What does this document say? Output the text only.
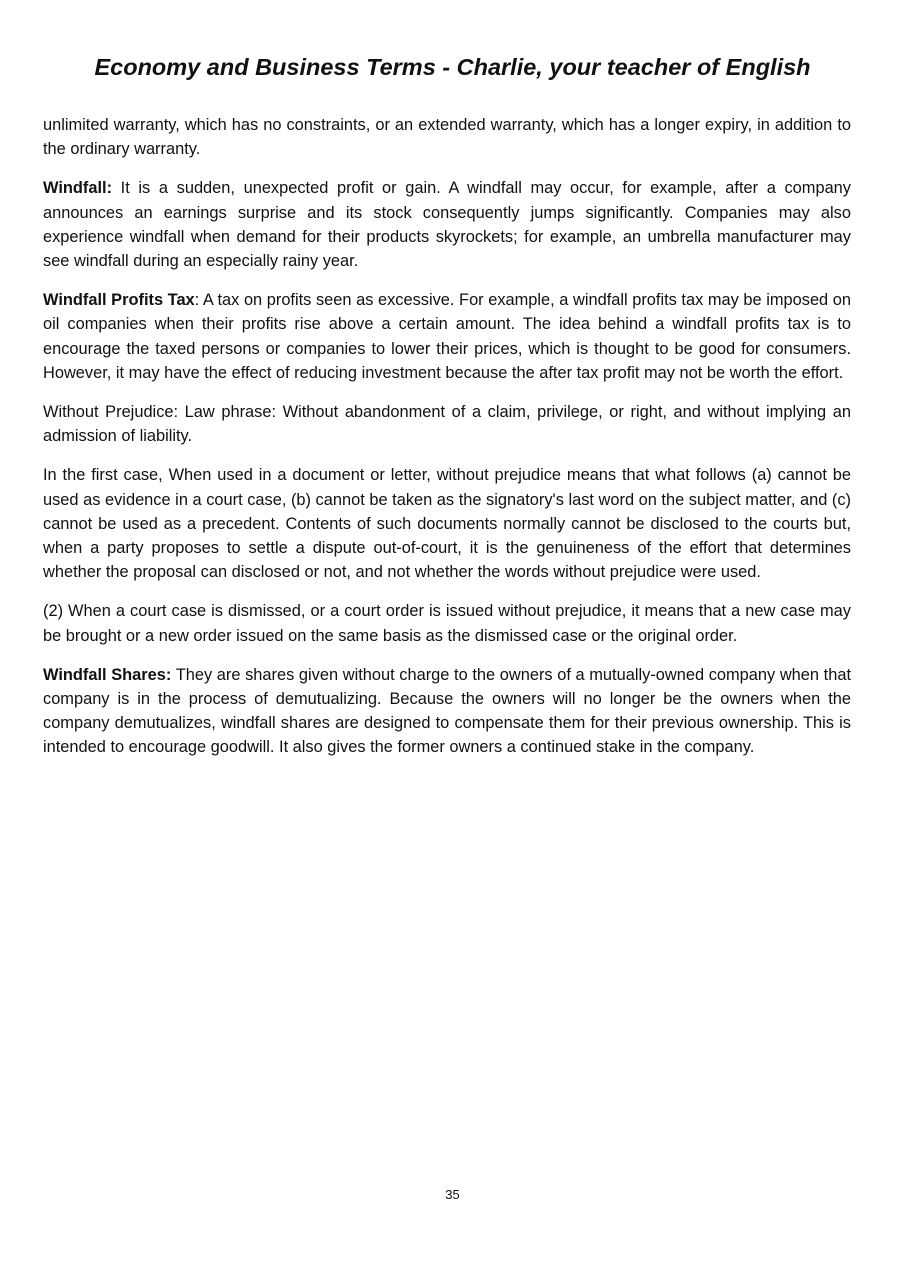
Economy and Business Terms - Charlie, your teacher of English

unlimited warranty, which has no constraints, or an extended warranty, which has a longer expiry, in addition to the ordinary warranty.

Windfall: It is a sudden, unexpected profit or gain. A windfall may occur, for example, after a company announces an earnings surprise and its stock consequently jumps significantly. Companies may also experience windfall when demand for their products skyrockets; for example, an umbrella manufacturer may see windfall during an especially rainy year.

Windfall Profits Tax: A tax on profits seen as excessive. For example, a windfall profits tax may be imposed on oil companies when their profits rise above a certain amount. The idea behind a windfall profits tax is to encourage the taxed persons or companies to lower their prices, which is thought to be good for consumers. However, it may have the effect of reducing investment because the after tax profit may not be worth the effort.

Without Prejudice: Law phrase: Without abandonment of a claim, privilege, or right, and without implying an admission of liability.

In the first case, When used in a document or letter, without prejudice means that what follows (a) cannot be used as evidence in a court case, (b) cannot be taken as the signatory's last word on the subject matter, and (c) cannot be used as a precedent. Contents of such documents normally cannot be disclosed to the courts but, when a party proposes to settle a dispute out-of-court, it is the genuineness of the effort that determines whether the proposal can disclosed or not, and not whether the words without prejudice were used.

(2) When a court case is dismissed, or a court order is issued without prejudice, it means that a new case may be brought or a new order issued on the same basis as the dismissed case or the original order.

Windfall Shares: They are shares given without charge to the owners of a mutually-owned company when that company is in the process of demutualizing. Because the owners will no longer be the owners when the company demutualizes, windfall shares are designed to compensate them for their previous ownership. This is intended to encourage goodwill. It also gives the former owners a continued stake in the company.

35
